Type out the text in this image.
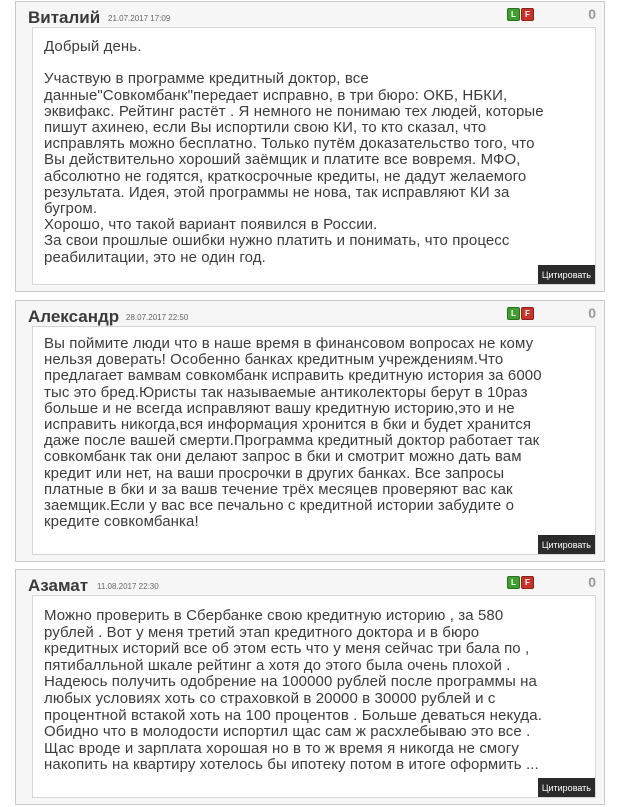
Виталий 21.07.2017 17:09	L	F	0
Добрый день.

Участвую в программе кредитный доктор, все
данные"Совкомбанк"передает исправно, в три бюро: ОКБ, НБКИ,
эквифакс. Рейтинг растёт . Я немного не понимаю тех людей, которые
пишут ахинею, если Вы испортили свою КИ, то кто сказал, что
исправлять можно бесплатно. Только путём доказательство того, что
Вы действительно хороший заёмщик и платите все вовремя. МФО,
абсолютно не годятся, краткосрочные кредиты, не дадут желаемого
результата. Идея, этой программы не нова, так исправляют КИ за
бугром.
Хорошо, что такой вариант появился в России.
За свои прошлые ошибки нужно платить и понимать, что процесс
реабилитации, это не один год.
Цитировать
Александр 28.07.2017 22:50	L	F	0
Вы поймите люди что в наше время в финансовом вопросах не кому
нельзя доверать! Особенно банках кредитным учреждениям.Что
предлагает вамвам совкомбанк исправить кредитную история за 6000
тыс это бред.Юристы так называемые антиколекторы берут в 10раз
больше и не всегда исправляют вашу кредитную историю,это и не
исправить никогда,вся информация хронится в бки и будет хранится
даже после вашей смерти.Программа кредитный доктор работает так
совкомбанк так они делают запрос в бки и смотрит можно дать вам
кредит или нет, на ваши просрочки в других банках. Все запросы
платные в бки и за вашв течение трёх месяцев проверяют вас как
заемщик.Если у вас все печально с кредитной истории забудите о
кредите совкомбанка!
Цитировать
Азамат 11.08.2017 22:30	L	F	0
Можно проверить в Сбербанке свою кредитную историю , за 580
рублей . Вот у меня третий этап кредитного доктора и в бюро
кредитных историй все об этом есть что у меня сейчас три бала по ,
пятибалльной шкале рейтинг а хотя до этого была очень плохой .
Надеюсь получить одобрение на 100000 рублей после программы на
любых условиях хоть со страховкой в 20000 в 30000 рублей и с
процентной встакой хоть на 100 процентов . Больше деваться некуда.
Обидно что в молодости испортил щас сам ж расхлебываю это все .
Щас вроде и зарплата хорошая но в то ж время я никогда не смогу
накопить на квартиру хотелось бы ипотеку потом в итоге оформить ...
Цитировать
